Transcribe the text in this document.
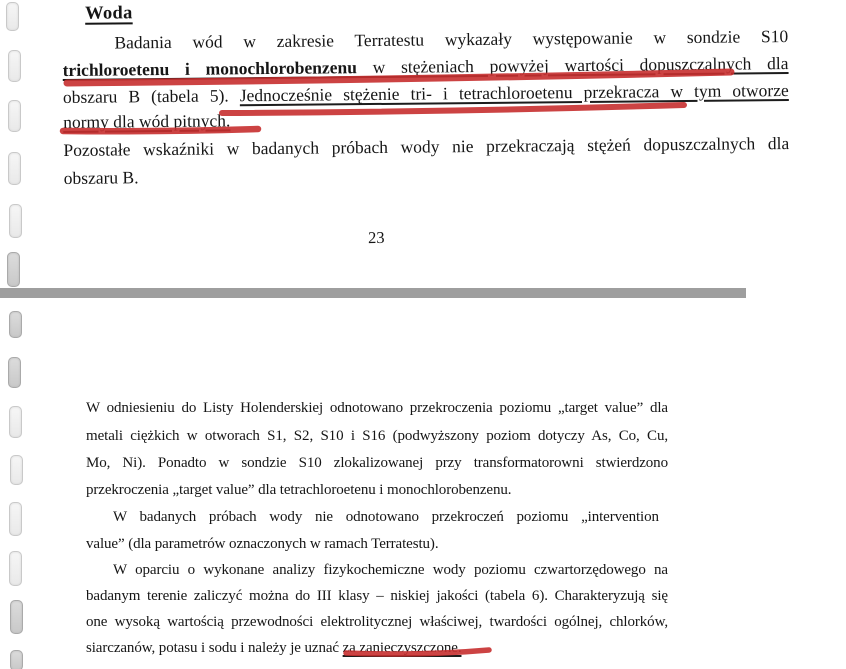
Woda
Badania wód w zakresie Terratestu wykazały występowanie w sondzie S10
trichloroetenu i monochlorobenzenu w stężeniach powyżej wartości dopuszczalnych dla
obszaru B (tabela 5). Jednocześnie stężenie tri- i tetrachloroetenu przekracza w tym otworze
normy dla wód pitnych.
Pozostałe wskaźniki w badanych próbach wody nie przekraczają stężeń dopuszczalnych dla
obszaru B.
23
W odniesieniu do Listy Holenderskiej odnotowano przekroczenia poziomu „target value” dla
metali ciężkich w otworach S1, S2, S10 i S16 (podwyższony poziom dotyczy As, Co, Cu,
Mo, Ni). Ponadto w sondzie S10 zlokalizowanej przy transformatorowni stwierdzono
przekroczenia „target value” dla tetrachloroetenu i monochlorobenzenu.
W badanych próbach wody nie odnotowano przekroczeń poziomu „intervention
value” (dla parametrów oznaczonych w ramach Terratestu).
W oparciu o wykonane analizy fizykochemiczne wody poziomu czwartorzędowego na
badanym terenie zaliczyć można do III klasy – niskiej jakości (tabela 6). Charakteryzują się
one wysoką wartością przewodności elektrolitycznej właściwej, twardości ogólnej, chlorków,
siarczanów, potasu i sodu i należy je uznać za zanieczyszczone.
